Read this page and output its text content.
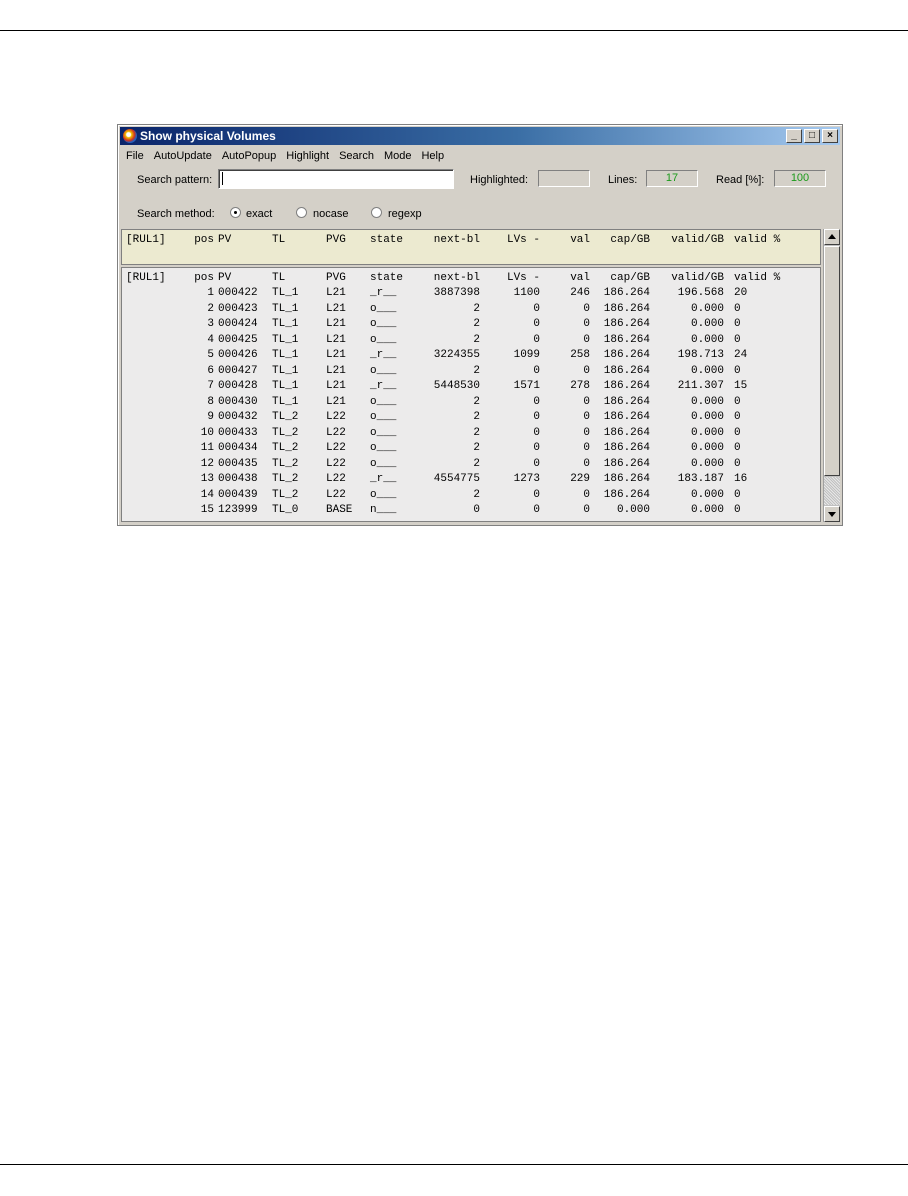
Show physical Volumes	_	□	×
File AutoUpdate AutoPopup Highlight Search Mode Help
Search pattern:	Highlighted:	Lines:	17	Read [%]:	100
Search method:	exact	nocase	regexp
[RUL1]	pos PV	TL	PVG	state	next-bl	LVs -	val	cap/GB	valid/GB valid %
[RUL1]	pos PV	TL	PVG	state	next-bl	LVs -	val	cap/GB	valid/GB valid %
1 000422	TL_1	L21	_r__	3887398	1100	246	186.264	196.568 20
2 000423	TL_1	L21	o___	2	0	0	186.264	0.000 0
3 000424	TL_1	L21	o___	2	0	0	186.264	0.000 0
4 000425	TL_1	L21	o___	2	0	0	186.264	0.000 0
5 000426	TL_1	L21	_r__	3224355	1099	258	186.264	198.713 24
6 000427	TL_1	L21	o___	2	0	0	186.264	0.000 0
7 000428	TL_1	L21	_r__	5448530	1571	278	186.264	211.307 15
8 000430	TL_1	L21	o___	2	0	0	186.264	0.000 0
9 000432	TL_2	L22	o___	2	0	0	186.264	0.000 0
10 000433	TL_2	L22	o___	2	0	0	186.264	0.000 0
11 000434	TL_2	L22	o___	2	0	0	186.264	0.000 0
12 000435	TL_2	L22	o___	2	0	0	186.264	0.000 0
13 000438	TL_2	L22	_r__	4554775	1273	229	186.264	183.187 16
14 000439	TL_2	L22	o___	2	0	0	186.264	0.000 0
15 123999	TL_0	BASE	n___	0	0	0	0.000	0.000 0
